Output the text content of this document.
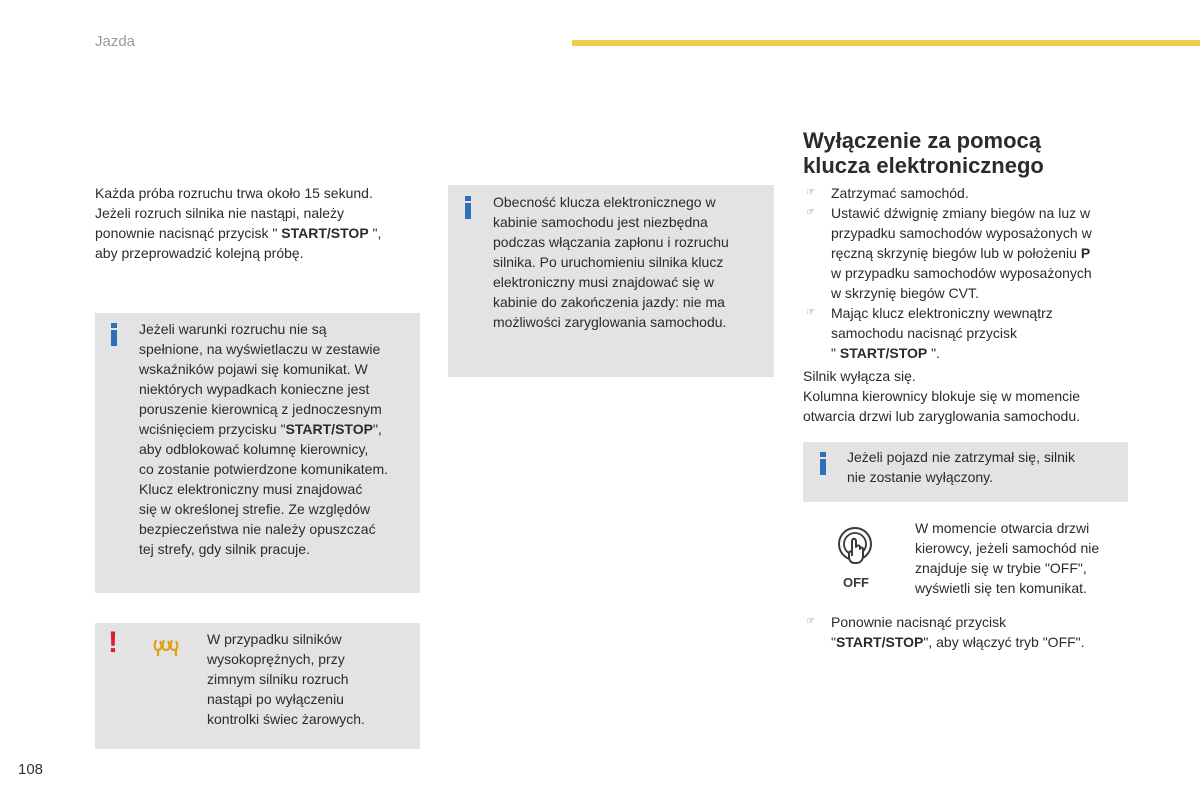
Jazda
Każda próba rozruchu trwa około 15 sekund.
Jeżeli rozruch silnika nie nastąpi, należy
ponownie nacisnąć przycisk " START/STOP ",
aby przeprowadzić kolejną próbę.
Jeżeli warunki rozruchu nie są
spełnione, na wyświetlaczu w zestawie
wskaźników pojawi się komunikat. W
niektórych wypadkach konieczne jest
poruszenie kierownicą z jednoczesnym
wciśnięciem przycisku "START/STOP",
aby odblokować kolumnę kierownicy,
co zostanie potwierdzone komunikatem.
Klucz elektroniczny musi znajdować
się w określonej strefie. Ze względów
bezpieczeństwa nie należy opuszczać
tej strefy, gdy silnik pracuje.
!	W przypadku silników
wysokoprężnych, przy
zimnym silniku rozruch
nastąpi po wyłączeniu
kontrolki świec żarowych.
Obecność klucza elektronicznego w
kabinie samochodu jest niezbędna
podczas włączania zapłonu i rozruchu
silnika. Po uruchomieniu silnika klucz
elektroniczny musi znajdować się w
kabinie do zakończenia jazdy: nie ma
możliwości zaryglowania samochodu.
Wyłączenie za pomocą
klucza elektronicznego
☞ Zatrzymać samochód.
☞ Ustawić dźwignię zmiany biegów na luz w
przypadku samochodów wyposażonych w
ręczną skrzynię biegów lub w położeniu P
w przypadku samochodów wyposażonych
w skrzynię biegów CVT.
☞ Mając klucz elektroniczny wewnątrz
samochodu nacisnąć przycisk
" START/STOP ".
Silnik wyłącza się.
Kolumna kierownicy blokuje się w momencie
otwarcia drzwi lub zaryglowania samochodu.
Jeżeli pojazd nie zatrzymał się, silnik
nie zostanie wyłączony.
OFF
W momencie otwarcia drzwi
kierowcy, jeżeli samochód nie
znajduje się w trybie "OFF",
wyświetli się ten komunikat.
☞ Ponownie nacisnąć przycisk
"START/STOP", aby włączyć tryb "OFF".
108
